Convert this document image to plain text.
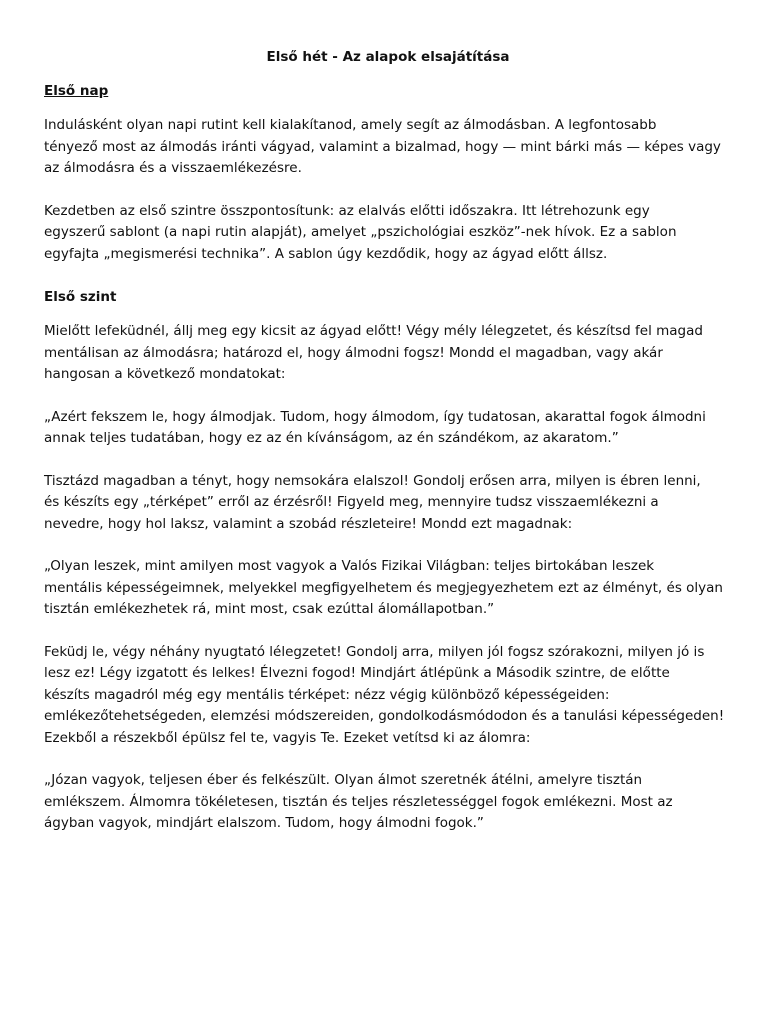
Első hét - Az alapok elsajátítása
Első nap
Indulásként olyan napi rutint kell kialakítanod, amely segít az álmodásban. A legfontosabb
tényező most az álmodás iránti vágyad, valamint a bizalmad, hogy — mint bárki más — képes vagy
az álmodásra és a visszaemlékezésre.
Kezdetben az első szintre összpontosítunk: az elalvás előtti időszakra. Itt létrehozunk egy
egyszerű sablont (a napi rutin alapját), amelyet „pszichológiai eszköz”-nek hívok. Ez a sablon
egyfajta „megismerési technika”. A sablon úgy kezdődik, hogy az ágyad előtt állsz.
Első szint
Mielőtt lefeküdnél, állj meg egy kicsit az ágyad előtt! Végy mély lélegzetet, és készítsd fel magad
mentálisan az álmodásra; határozd el, hogy álmodni fogsz! Mondd el magadban, vagy akár
hangosan a következő mondatokat:
„Azért fekszem le, hogy álmodjak. Tudom, hogy álmodom, így tudatosan, akarattal fogok álmodni
annak teljes tudatában, hogy ez az én kívánságom, az én szándékom, az akaratom.”
Tisztázd magadban a tényt, hogy nemsokára elalszol! Gondolj erősen arra, milyen is ébren lenni,
és készíts egy „térképet” erről az érzésről! Figyeld meg, mennyire tudsz visszaemlékezni a
nevedre, hogy hol laksz, valamint a szobád részleteire! Mondd ezt magadnak:
„Olyan leszek, mint amilyen most vagyok a Valós Fizikai Világban: teljes birtokában leszek
mentális képességeimnek, melyekkel megfigyelhetem és megjegyezhetem ezt az élményt, és olyan
tisztán emlékezhetek rá, mint most, csak ezúttal álomállapotban.”
Feküdj le, végy néhány nyugtató lélegzetet! Gondolj arra, milyen jól fogsz szórakozni, milyen jó is
lesz ez! Légy izgatott és lelkes! Élvezni fogod! Mindjárt átlépünk a Második szintre, de előtte
készíts magadról még egy mentális térképet: nézz végig különböző képességeiden:
emlékezőtehetségeden, elemzési módszereiden, gondolkodásmódodon és a tanulási képességeden!
Ezekből a részekből épülsz fel te, vagyis Te. Ezeket vetítsd ki az álomra:
„Józan vagyok, teljesen éber és felkészült. Olyan álmot szeretnék átélni, amelyre tisztán
emlékszem. Álmomra tökéletesen, tisztán és teljes részletességgel fogok emlékezni. Most az
ágyban vagyok, mindjárt elalszom. Tudom, hogy álmodni fogok.”
